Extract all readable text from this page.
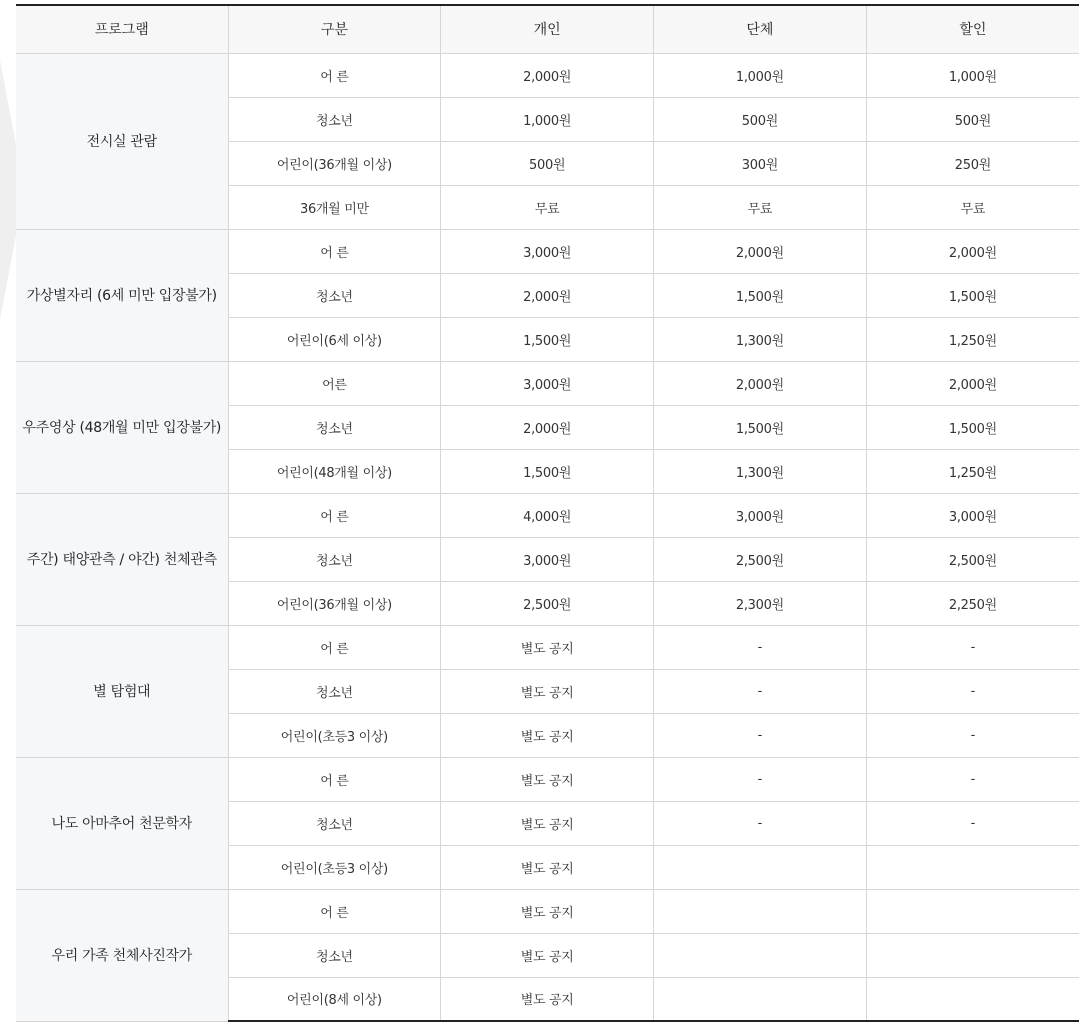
프로그램	구분	개인	단체	할인
전시실 관람	어 른	2,000원	1,000원	1,000원
	청소년	1,000원	500원	500원
	어린이(36개월 이상)	500원	300원	250원
	36개월 미만	무료	무료	무료
가상별자리 (6세 미만 입장불가)	어 른	3,000원	2,000원	2,000원
	청소년	2,000원	1,500원	1,500원
	어린이(6세 이상)	1,500원	1,300원	1,250원
우주영상 (48개월 미만 입장불가)	어른	3,000원	2,000원	2,000원
	청소년	2,000원	1,500원	1,500원
	어린이(48개월 이상)	1,500원	1,300원	1,250원
주간) 태양관측 / 야간) 천체관측	어 른	4,000원	3,000원	3,000원
	청소년	3,000원	2,500원	2,500원
	어린이(36개월 이상)	2,500원	2,300원	2,250원
별 탐험대	어 른	별도 공지	-	-
	청소년	별도 공지	-	-
	어린이(초등3 이상)	별도 공지	-	-
나도 아마추어 천문학자	어 른	별도 공지	-	-
	청소년	별도 공지	-	-
	어린이(초등3 이상)	별도 공지		
우리 가족 천체사진작가	어 른	별도 공지		
	청소년	별도 공지		
	어린이(8세 이상)	별도 공지		
